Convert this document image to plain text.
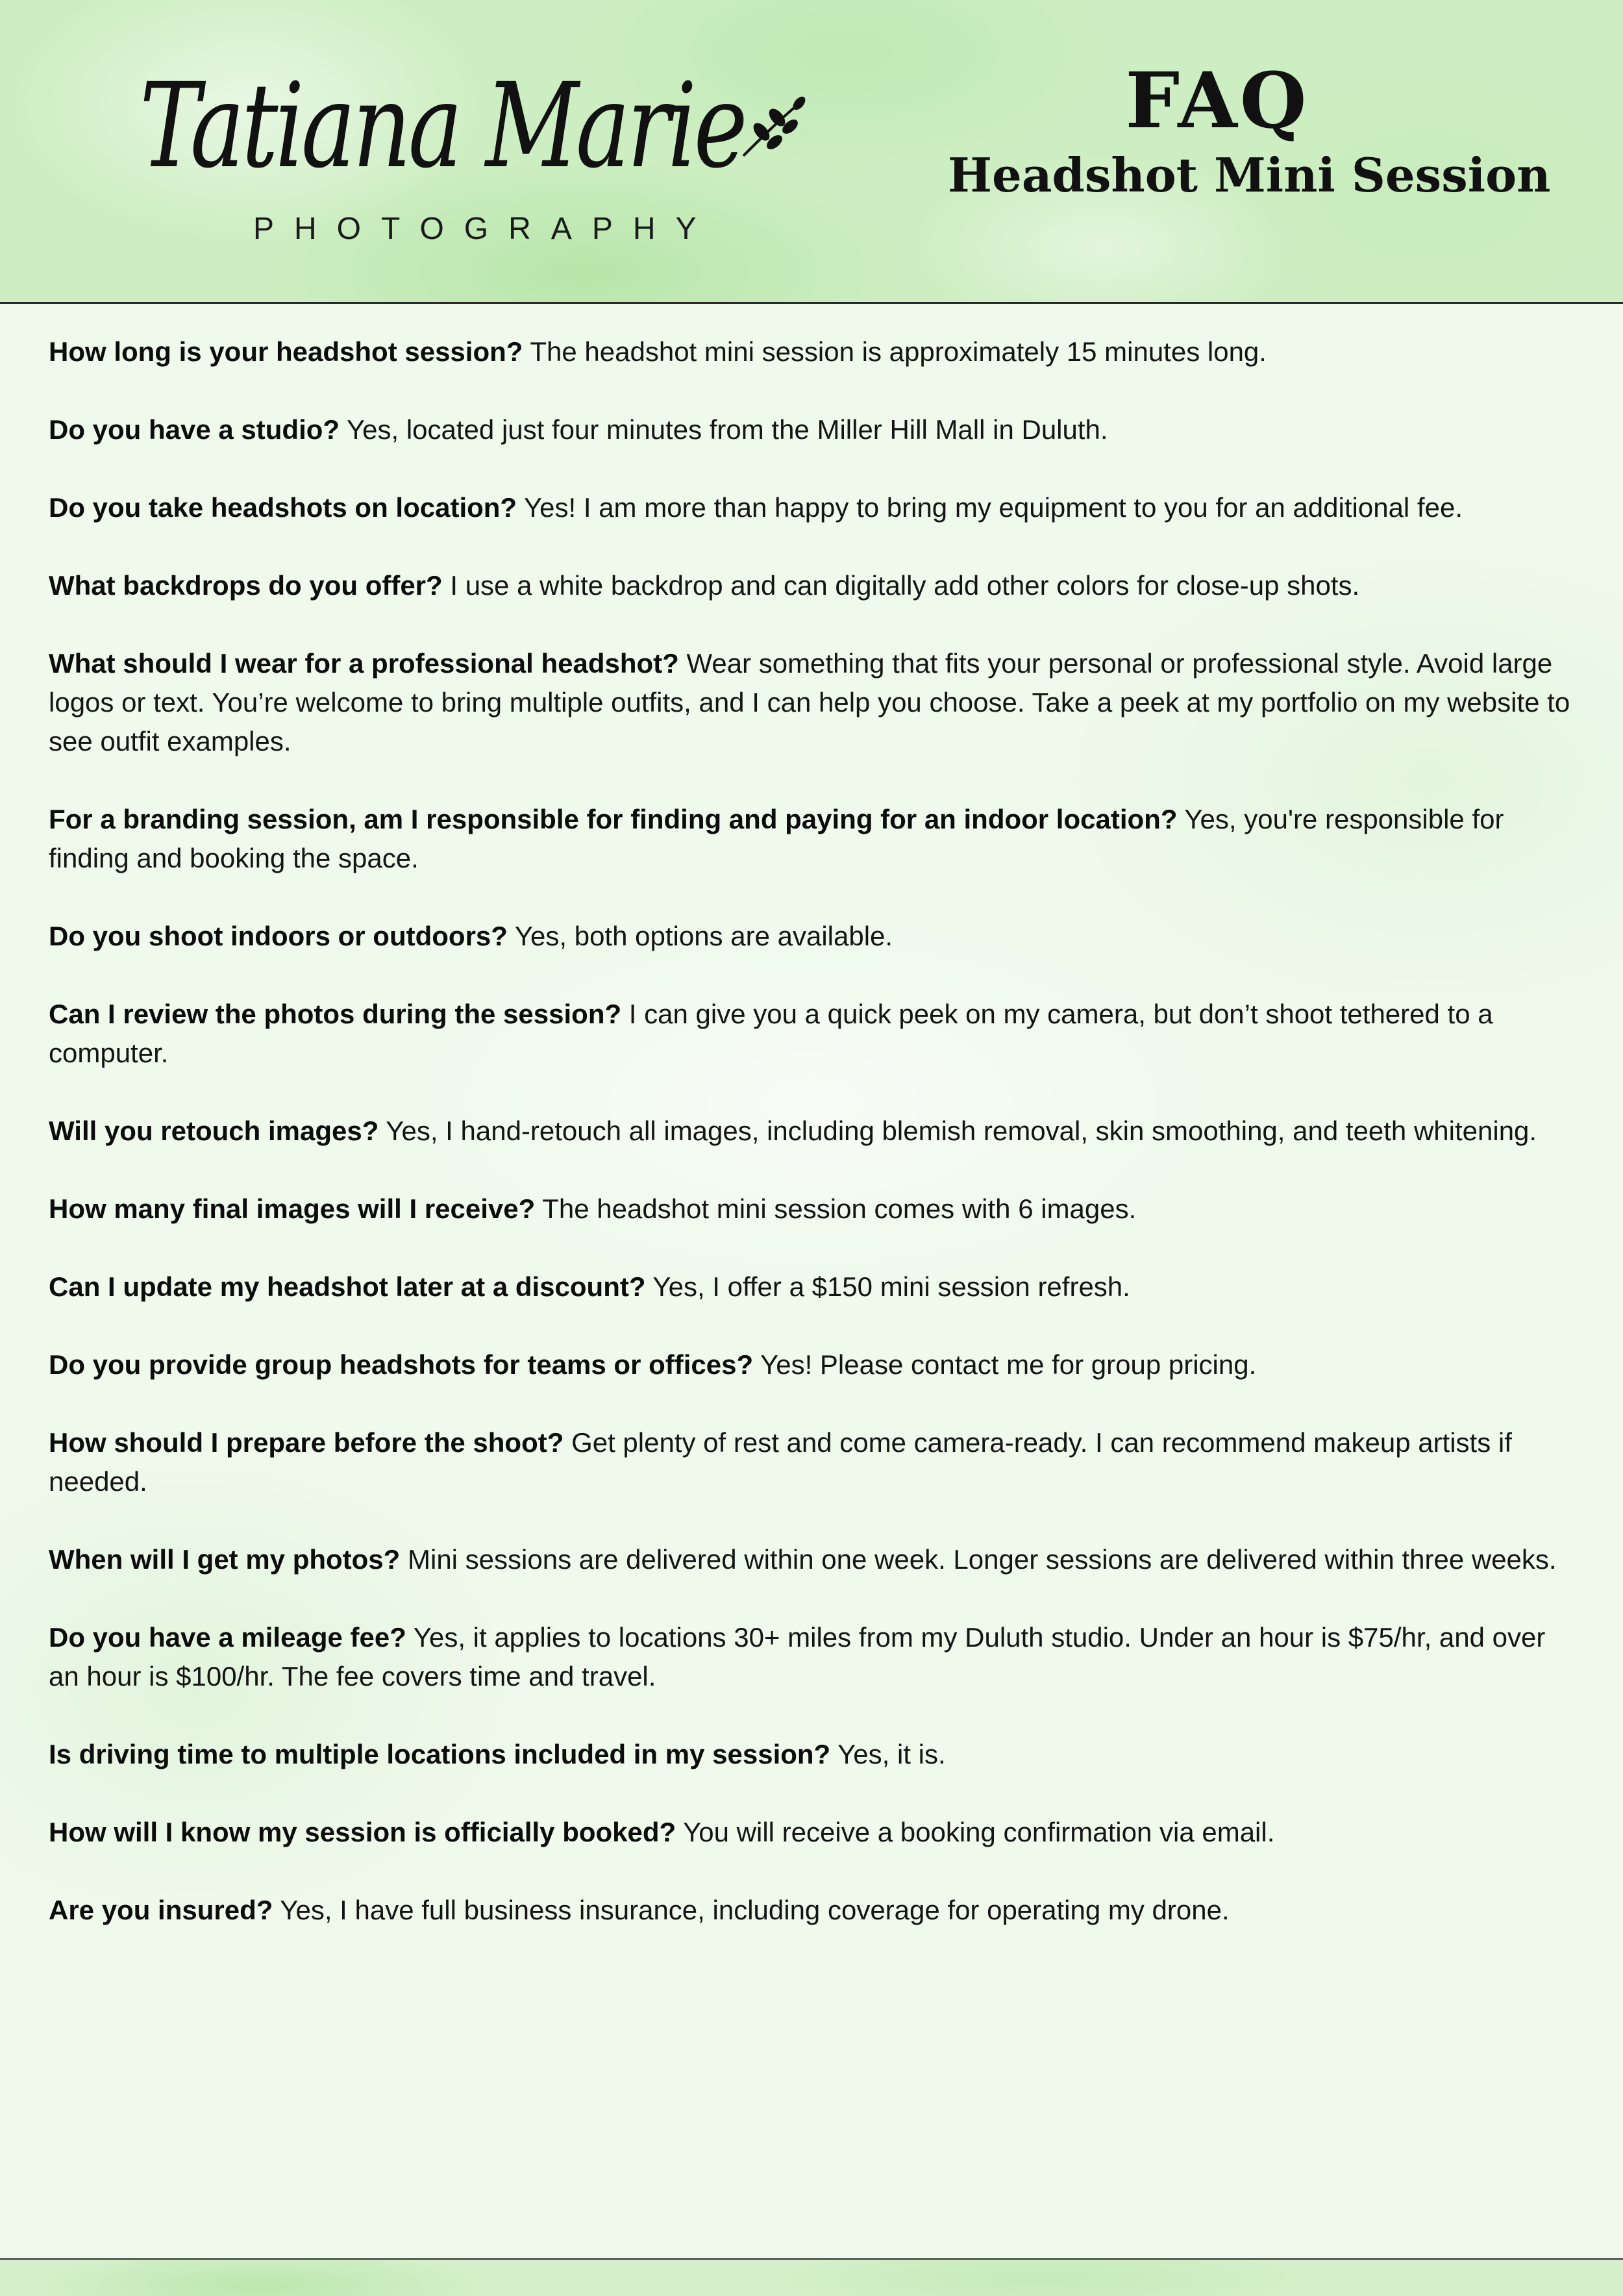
Tatiana Marie
PHOTOGRAPHY
FAQ
Headshot Mini Session
How long is your headshot session? The headshot mini session is approximately 15 minutes long.
Do you have a studio? Yes, located just four minutes from the Miller Hill Mall in Duluth.
Do you take headshots on location? Yes! I am more than happy to bring my equipment to you for an additional fee.
What backdrops do you offer? I use a white backdrop and can digitally add other colors for close-up shots.
What should I wear for a professional headshot? Wear something that fits your personal or professional style. Avoid large logos or text. You’re welcome to bring multiple outfits, and I can help you choose. Take a peek at my portfolio on my website to see outfit examples.
For a branding session, am I responsible for finding and paying for an indoor location? Yes, you're responsible for finding and booking the space.
Do you shoot indoors or outdoors? Yes, both options are available.
Can I review the photos during the session? I can give you a quick peek on my camera, but don’t shoot tethered to a computer.
Will you retouch images? Yes, I hand-retouch all images, including blemish removal, skin smoothing, and teeth whitening.
How many final images will I receive? The headshot mini session comes with 6 images.
Can I update my headshot later at a discount? Yes, I offer a $150 mini session refresh.
Do you provide group headshots for teams or offices? Yes! Please contact me for group pricing.
How should I prepare before the shoot? Get plenty of rest and come camera-ready. I can recommend makeup artists if needed.
When will I get my photos? Mini sessions are delivered within one week. Longer sessions are delivered within three weeks.
Do you have a mileage fee? Yes, it applies to locations 30+ miles from my Duluth studio. Under an hour is $75/hr, and over an hour is $100/hr. The fee covers time and travel.
Is driving time to multiple locations included in my session? Yes, it is.
How will I know my session is officially booked? You will receive a booking confirmation via email.
Are you insured? Yes, I have full business insurance, including coverage for operating my drone.
